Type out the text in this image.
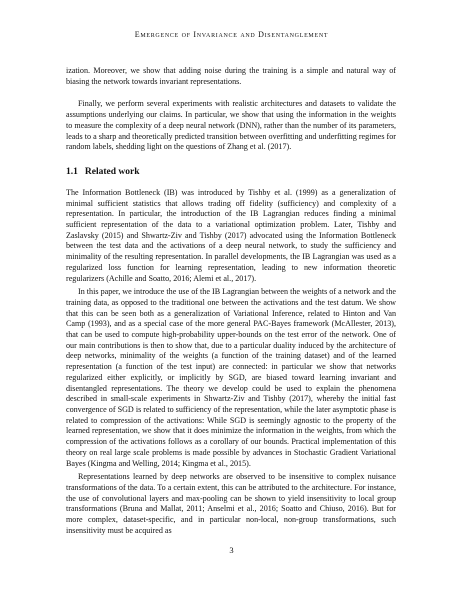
Emergence of Invariance and Disentanglement

ization. Moreover, we show that adding noise during the training is a simple and natural way of biasing the network towards invariant representations.

Finally, we perform several experiments with realistic architectures and datasets to validate the assumptions underlying our claims. In particular, we show that using the information in the weights to measure the complexity of a deep neural network (DNN), rather than the number of its parameters, leads to a sharp and theoretically predicted transition between overfitting and underfitting regimes for random labels, shedding light on the questions of Zhang et al. (2017).

1.1 Related work

The Information Bottleneck (IB) was introduced by Tishby et al. (1999) as a generalization of minimal sufficient statistics that allows trading off fidelity (sufficiency) and complexity of a representation. In particular, the introduction of the IB Lagrangian reduces finding a minimal sufficient representation of the data to a variational optimization problem. Later, Tishby and Zaslavsky (2015) and Shwartz-Ziv and Tishby (2017) advocated using the Information Bottleneck between the test data and the activations of a deep neural network, to study the sufficiency and minimality of the resulting representation. In parallel developments, the IB Lagrangian was used as a regularized loss function for learning representation, leading to new information theoretic regularizers (Achille and Soatto, 2016; Alemi et al., 2017).

In this paper, we introduce the use of the IB Lagrangian between the weights of a network and the training data, as opposed to the traditional one between the activations and the test datum. We show that this can be seen both as a generalization of Variational Inference, related to Hinton and Van Camp (1993), and as a special case of the more general PAC-Bayes framework (McAllester, 2013), that can be used to compute high-probability upper-bounds on the test error of the network. One of our main contributions is then to show that, due to a particular duality induced by the architecture of deep networks, minimality of the weights (a function of the training dataset) and of the learned representation (a function of the test input) are connected: in particular we show that networks regularized either explicitly, or implicitly by SGD, are biased toward learning invariant and disentangled representations. The theory we develop could be used to explain the phenomena described in small-scale experiments in Shwartz-Ziv and Tishby (2017), whereby the initial fast convergence of SGD is related to sufficiency of the representation, while the later asymptotic phase is related to compression of the activations: While SGD is seemingly agnostic to the property of the learned representation, we show that it does minimize the information in the weights, from which the compression of the activations follows as a corollary of our bounds. Practical implementation of this theory on real large scale problems is made possible by advances in Stochastic Gradient Variational Bayes (Kingma and Welling, 2014; Kingma et al., 2015).

Representations learned by deep networks are observed to be insensitive to complex nuisance transformations of the data. To a certain extent, this can be attributed to the architecture. For instance, the use of convolutional layers and max-pooling can be shown to yield insensitivity to local group transformations (Bruna and Mallat, 2011; Anselmi et al., 2016; Soatto and Chiuso, 2016). But for more complex, dataset-specific, and in particular non-local, non-group transformations, such insensitivity must be acquired as

3
